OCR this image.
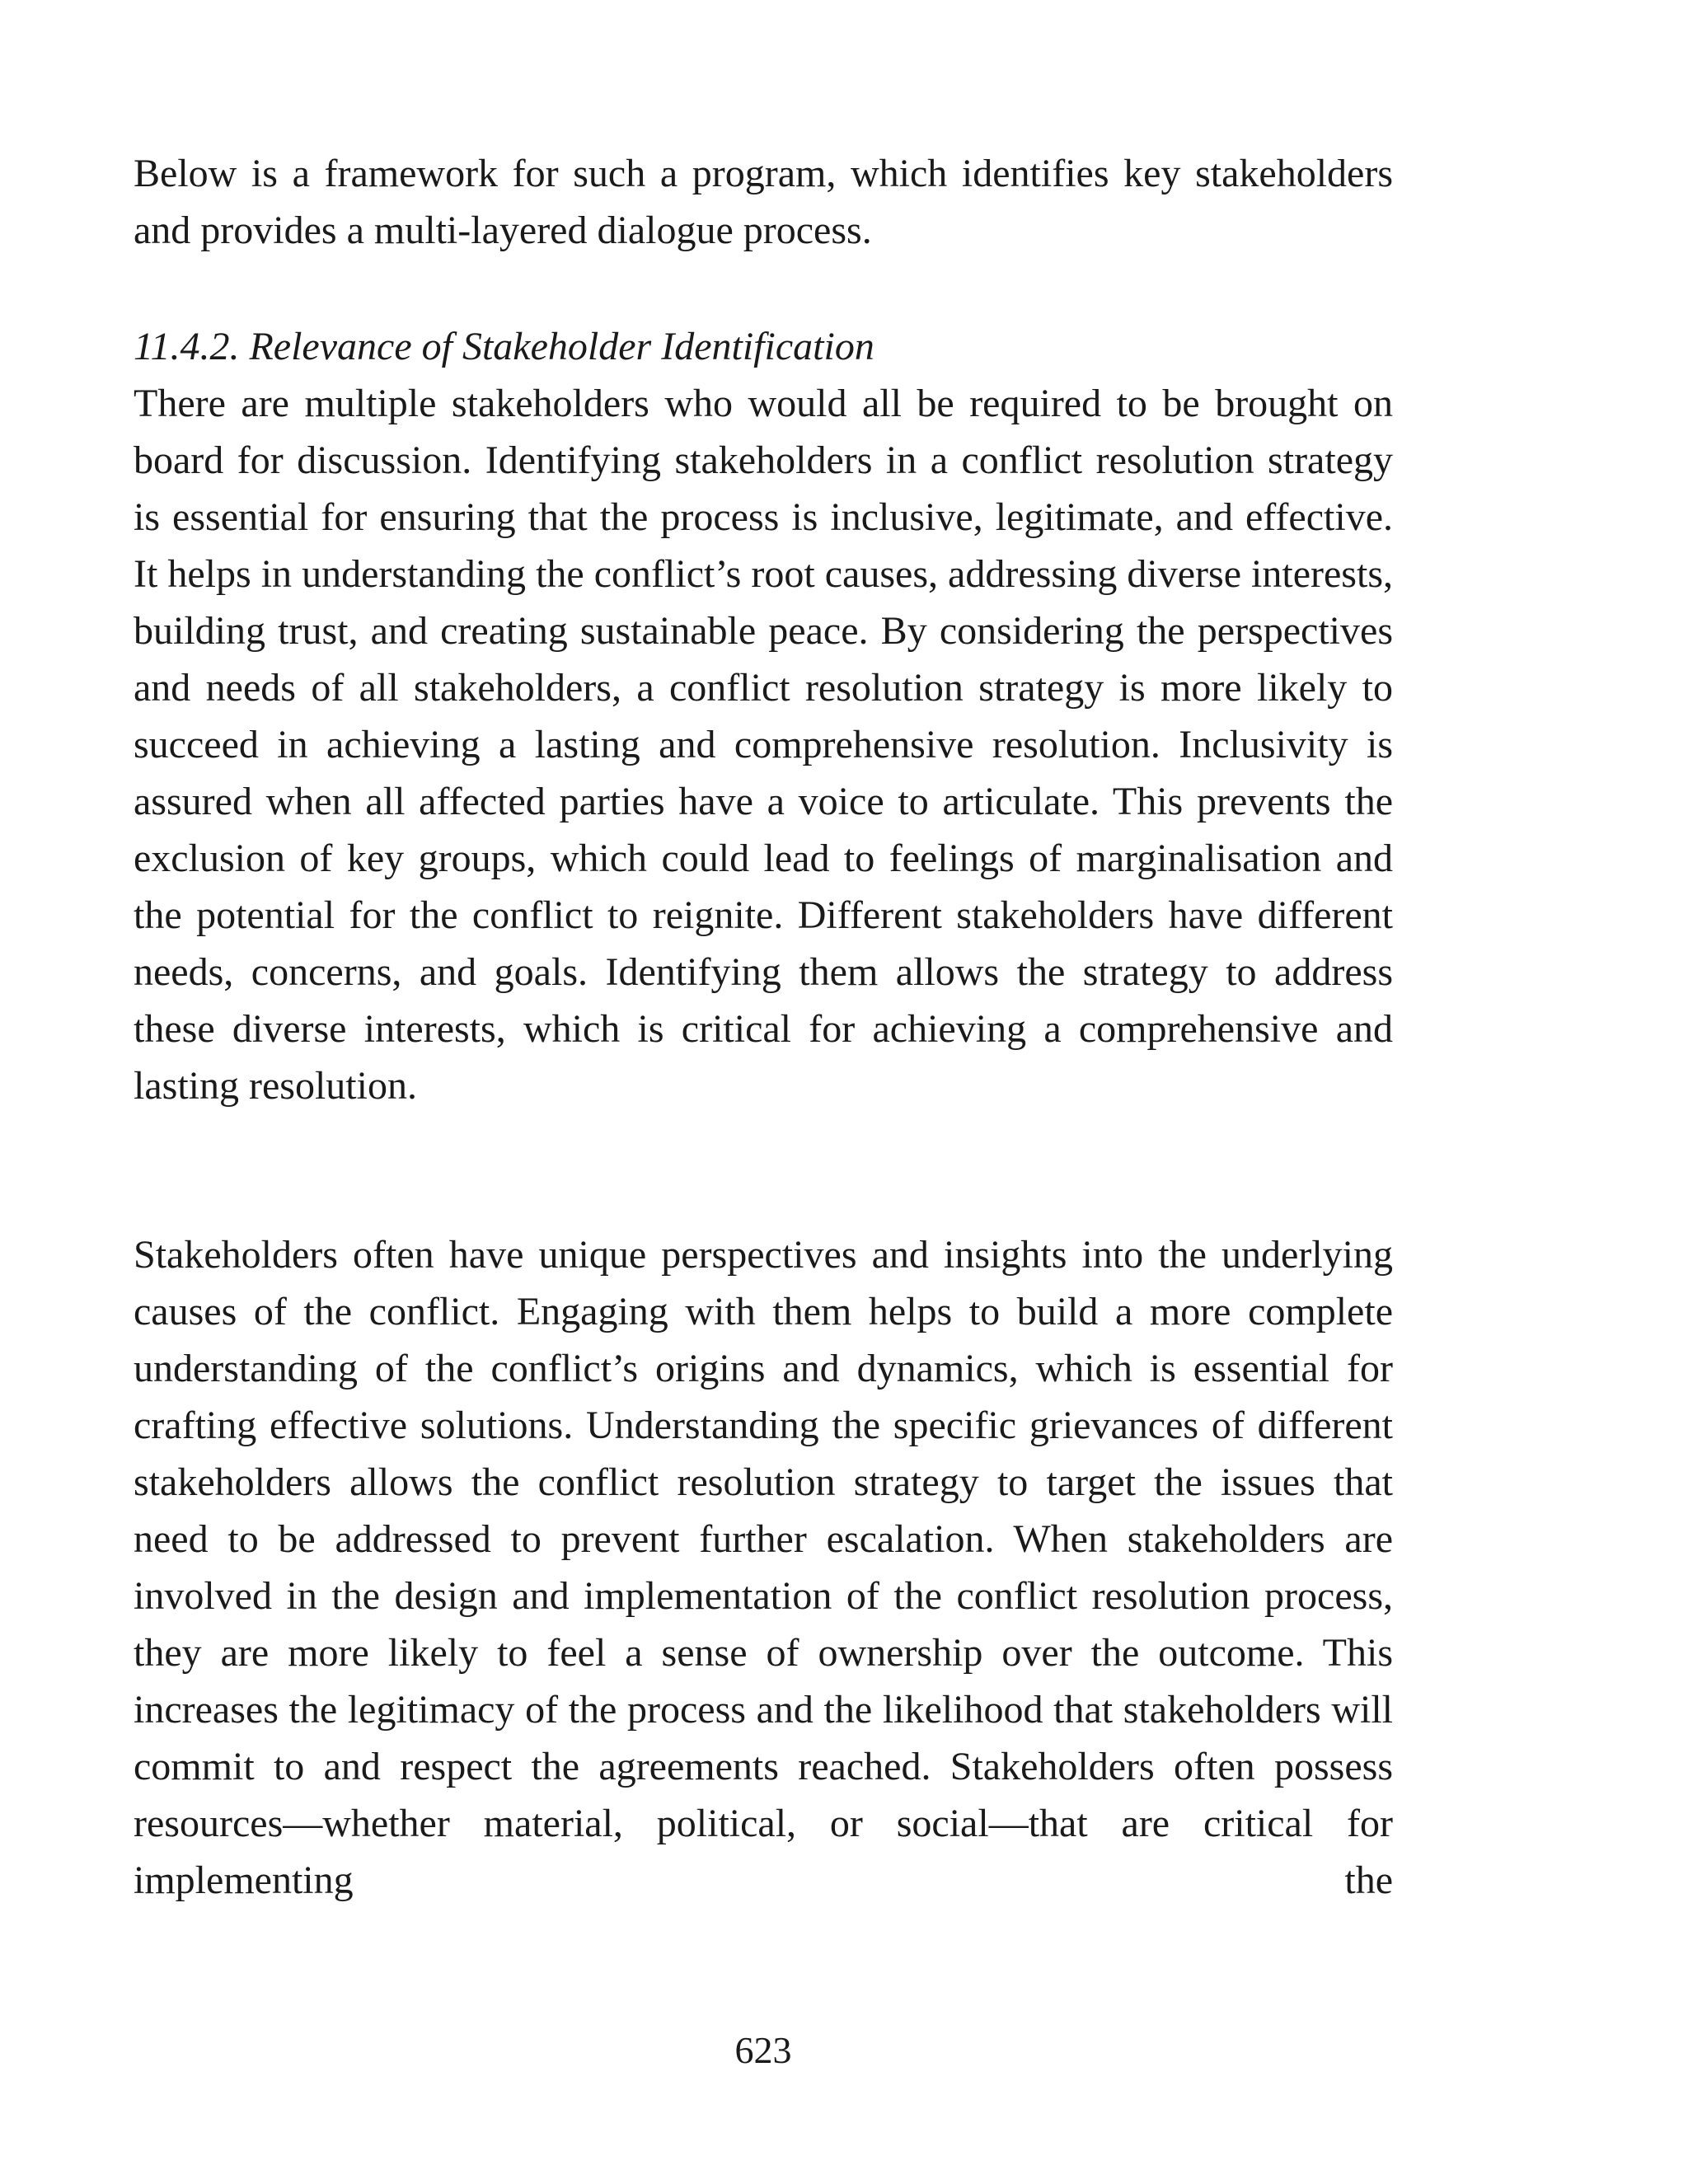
Below is a framework for such a program, which identifies key stakeholders and provides a multi-layered dialogue process.

11.4.2. Relevance of Stakeholder Identification

There are multiple stakeholders who would all be required to be brought on board for discussion. Identifying stakeholders in a conflict resolution strategy is essential for ensuring that the process is inclusive, legitimate, and effective. It helps in understanding the conflict’s root causes, addressing diverse interests, building trust, and creating sustainable peace. By considering the perspectives and needs of all stakeholders, a conflict resolution strategy is more likely to succeed in achieving a lasting and comprehensive resolution. Inclusivity is assured when all affected parties have a voice to articulate. This prevents the exclusion of key groups, which could lead to feelings of marginalisation and the potential for the conflict to reignite. Different stakeholders have different needs, concerns, and goals. Identifying them allows the strategy to address these diverse interests, which is critical for achieving a comprehensive and lasting resolution.

Stakeholders often have unique perspectives and insights into the underlying causes of the conflict. Engaging with them helps to build a more complete understanding of the conflict’s origins and dynamics, which is essential for crafting effective solutions. Understanding the specific grievances of different stakeholders allows the conflict resolution strategy to target the issues that need to be addressed to prevent further escalation. When stakeholders are involved in the design and implementation of the conflict resolution process, they are more likely to feel a sense of ownership over the outcome. This increases the legitimacy of the process and the likelihood that stakeholders will commit to and respect the agreements reached. Stakeholders often possess resources—whether material, political, or social—that are critical for implementing the

623
